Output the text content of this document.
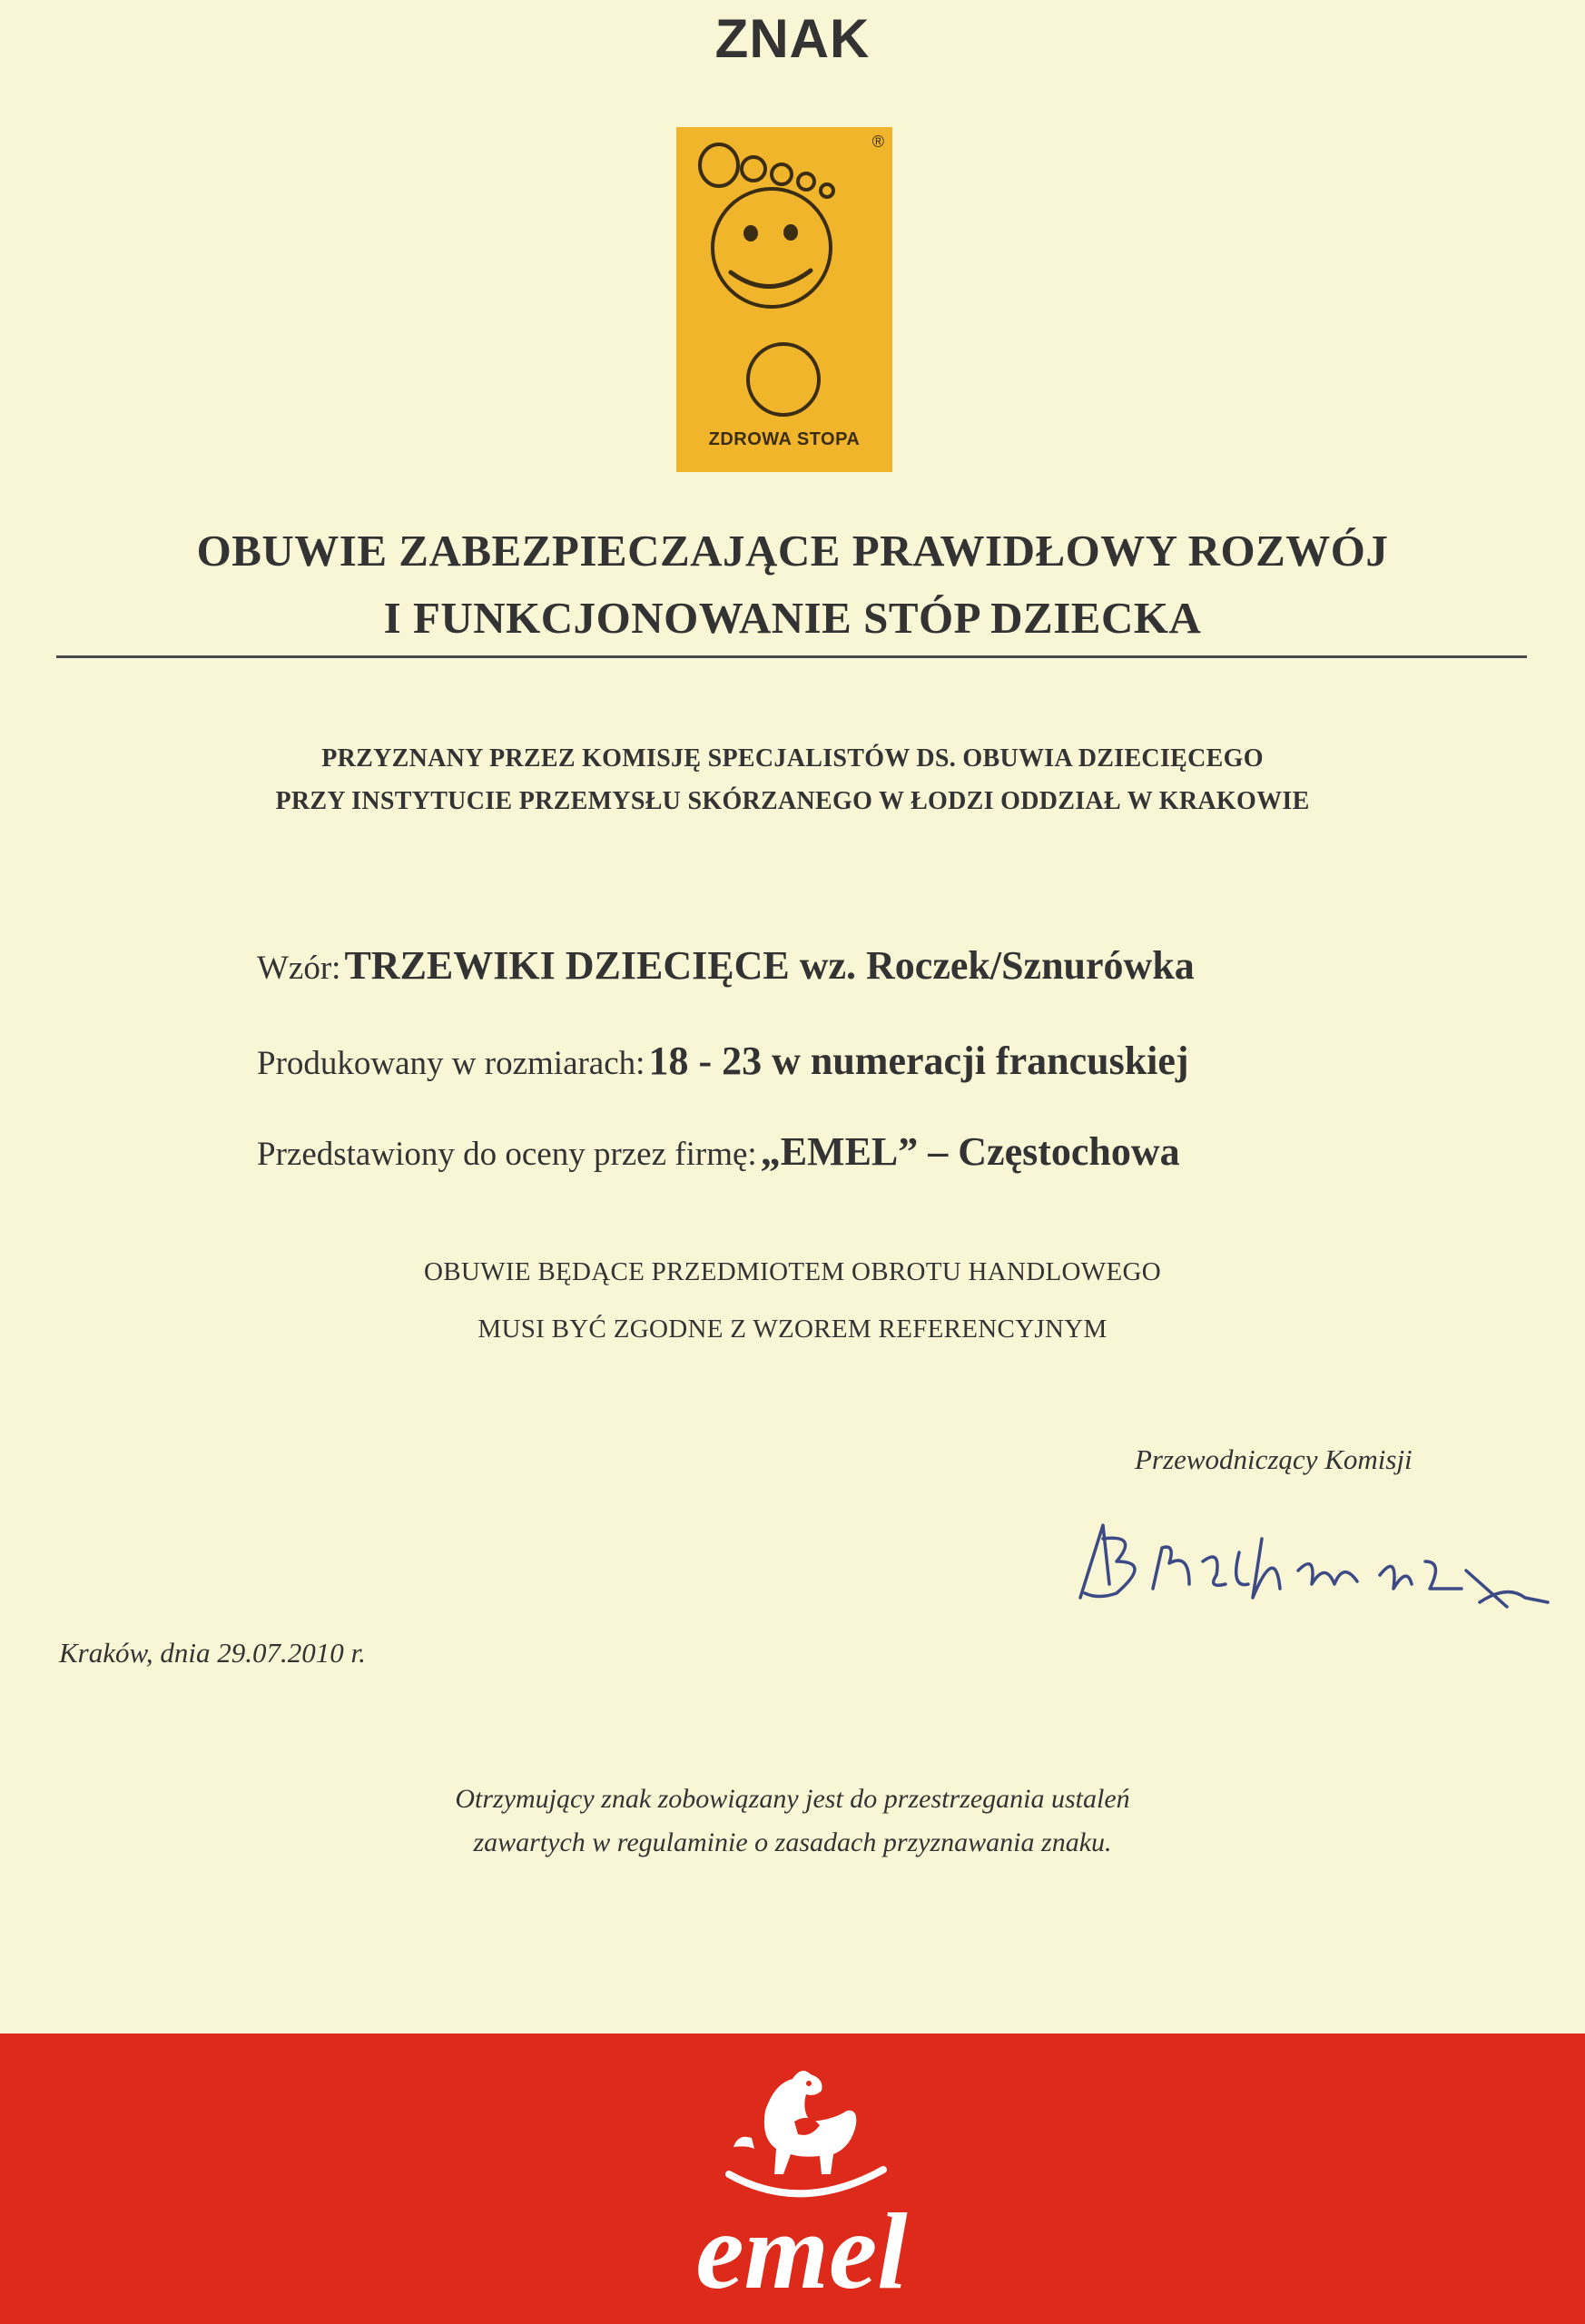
ZNAK
®
ZDROWA STOPA
OBUWIE ZABEZPIECZAJĄCE PRAWIDŁOWY ROZWÓJ
I FUNKCJONOWANIE STÓP DZIECKA
PRZYZNANY PRZEZ KOMISJĘ SPECJALISTÓW DS. OBUWIA DZIECIĘCEGO
PRZY INSTYTUCIE PRZEMYSŁU SKÓRZANEGO W ŁODZI ODDZIAŁ W KRAKOWIE
Wzór: TRZEWIKI DZIECIĘCE wz. Roczek/Sznurówka
Produkowany w rozmiarach: 18 - 23 w numeracji francuskiej
Przedstawiony do oceny przez firmę: „EMEL” – Częstochowa
OBUWIE BĘDĄCE PRZEDMIOTEM OBROTU HANDLOWEGO
MUSI BYĆ ZGODNE Z WZOREM REFERENCYJNYM
Przewodniczący Komisji
Kraków, dnia 29.07.2010 r.
Otrzymujący znak zobowiązany jest do przestrzegania ustaleń
zawartych w regulaminie o zasadach przyznawania znaku.
emel
